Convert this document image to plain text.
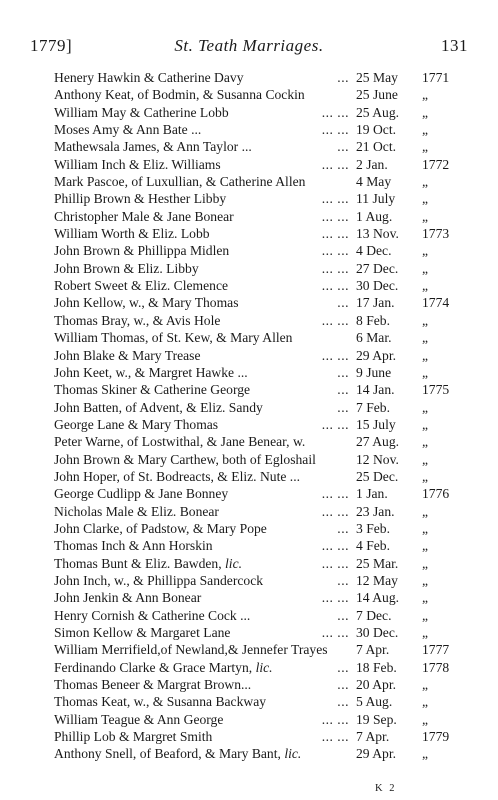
1779]	St. Teath Marriages.	131
Henery Hawkin & Catherine Davy	... 25 May	1771
Anthony Keat, of Bodmin, & Susanna Cockin	25 June	„
William May & Catherine Lobb	... ... 25 Aug.	„
Moses Amy & Ann Bate ...	... ... 19 Oct.	„
Mathewsala James, & Ann Taylor ...	... 21 Oct.	„
William Inch & Eliz. Williams	... ... 2 Jan.	1772
Mark Pascoe, of Luxullian, & Catherine Allen	4 May	„
Phillip Brown & Hesther Libby	... ... 11 July	„
Christopher Male & Jane Bonear	... ... 1 Aug.	„
William Worth & Eliz. Lobb	... ... 13 Nov.	1773
John Brown & Phillippa Midlen	... ... 4 Dec.	„
John Brown & Eliz. Libby	... ... 27 Dec.	„
Robert Sweet & Eliz. Clemence	... ... 30 Dec.	„
John Kellow, w., & Mary Thomas	... 17 Jan.	1774
Thomas Bray, w., & Avis Hole	... ... 8 Feb.	„
William Thomas, of St. Kew, & Mary Allen	6 Mar.	„
John Blake & Mary Trease	... ... 29 Apr.	„
John Keet, w., & Margret Hawke ...	... 9 June	„
Thomas Skiner & Catherine George	... 14 Jan.	1775
John Batten, of Advent, & Eliz. Sandy	... 7 Feb.	„
George Lane & Mary Thomas	... ... 15 July	„
Peter Warne, of Lostwithal, & Jane Benear, w.	27 Aug.	„
John Brown & Mary Carthew, both of Egloshail	12 Nov.	„
John Hoper, of St. Bodreacts, & Eliz. Nute ...	25 Dec.	„
George Cudlipp & Jane Bonney	... ... 1 Jan.	1776
Nicholas Male & Eliz. Bonear	... ... 23 Jan.	„
John Clarke, of Padstow, & Mary Pope	... 3 Feb.	„
Thomas Inch & Ann Horskin	... ... 4 Feb.	„
Thomas Bunt & Eliz. Bawden, lic.	... ... 25 Mar.	„
John Inch, w., & Phillippa Sandercock	... 12 May	„
John Jenkin & Ann Bonear	... ... 14 Aug.	„
Henry Cornish & Catherine Cock ...	... 7 Dec.	„
Simon Kellow & Margaret Lane	... ... 30 Dec.	„
William Merrifield,of Newland,& Jennefer Trayes 7 Apr.	1777
Ferdinando Clarke & Grace Martyn, lic.	... 18 Feb.	1778
Thomas Beneer & Margrat Brown...	... 20 Apr.	„
Thomas Keat, w., & Susanna Backway	... 5 Aug.	„
William Teague & Ann George	... ... 19 Sep.	„
Phillip Lob & Margret Smith	... ... 7 Apr.	1779
Anthony Snell, of Beaford, & Mary Bant, lic.	29 Apr.	„
K 2
